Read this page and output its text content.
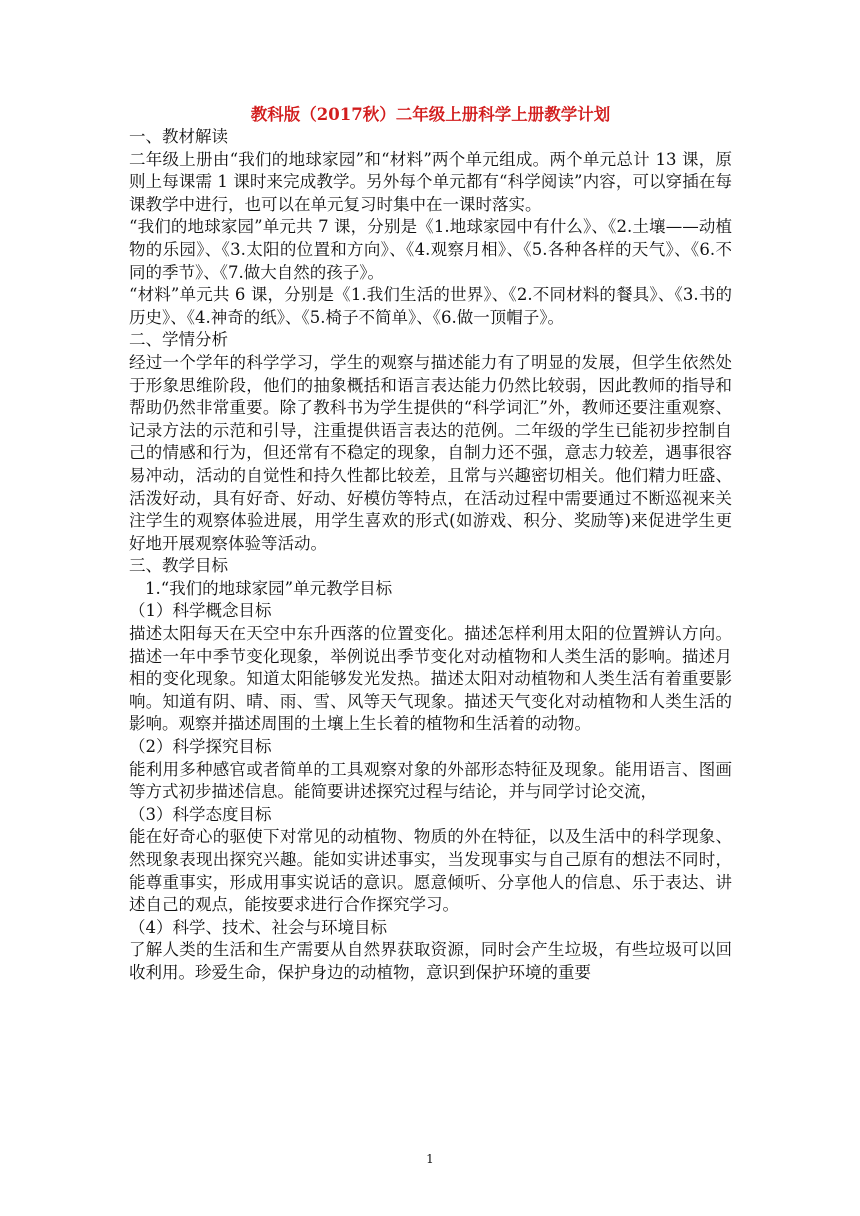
教科版（2017秋）二年级上册科学上册教学计划

一、教材解读

二年级上册由“我们的地球家园”和“材料”两个单元组成。两个单元总计 13 课，原则上每课需 1 课时来完成教学。另外每个单元都有“科学阅读”内容，可以穿插在每课教学中进行，也可以在单元复习时集中在一课时落实。

“我们的地球家园”单元共 7 课，分别是《1.地球家园中有什么》、《2.土壤——动植物的乐园》、《3.太阳的位置和方向》、《4.观察月相》、《5.各种各样的天气》、《6.不同的季节》、《7.做大自然的孩子》。

“材料”单元共 6 课，分别是《1.我们生活的世界》、《2.不同材料的餐具》、《3.书的历史》、《4.神奇的纸》、《5.椅子不简单》、《6.做一顶帽子》。

二、学情分析

经过一个学年的科学学习，学生的观察与描述能力有了明显的发展，但学生依然处于形象思维阶段，他们的抽象概括和语言表达能力仍然比较弱，因此教师的指导和帮助仍然非常重要。除了教科书为学生提供的“科学词汇”外，教师还要注重观察、记录方法的示范和引导，注重提供语言表达的范例。二年级的学生已能初步控制自己的情感和行为，但还常有不稳定的现象，自制力还不强，意志力较差，遇事很容易冲动，活动的自觉性和持久性都比较差，且常与兴趣密切相关。他们精力旺盛、活泼好动，具有好奇、好动、好模仿等特点，在活动过程中需要通过不断巡视来关注学生的观察体验进展，用学生喜欢的形式(如游戏、积分、奖励等)来促进学生更好地开展观察体验等活动。

三、教学目标

1.“我们的地球家园”单元教学目标

（1）科学概念目标

描述太阳每天在天空中东升西落的位置变化。描述怎样利用太阳的位置辨认方向。描述一年中季节变化现象，举例说出季节变化对动植物和人类生活的影响。描述月相的变化现象。知道太阳能够发光发热。描述太阳对动植物和人类生活有着重要影响。知道有阴、晴、雨、雪、风等天气现象。描述天气变化对动植物和人类生活的影响。观察并描述周围的土壤上生长着的植物和生活着的动物。

（2）科学探究目标

能利用多种感官或者简单的工具观察对象的外部形态特征及现象。能用语言、图画等方式初步描述信息。能简要讲述探究过程与结论，并与同学讨论交流，

（3）科学态度目标

能在好奇心的驱使下对常见的动植物、物质的外在特征，以及生活中的科学现象、然现象表现出探究兴趣。能如实讲述事实，当发现事实与自己原有的想法不同时，能尊重事实，形成用事实说话的意识。愿意倾听、分享他人的信息、乐于表达、讲述自己的观点，能按要求进行合作探究学习。

（4）科学、技术、社会与环境目标

了解人类的生活和生产需要从自然界获取资源，同时会产生垃圾，有些垃圾可以回收利用。珍爱生命，保护身边的动植物，意识到保护环境的重要

1
